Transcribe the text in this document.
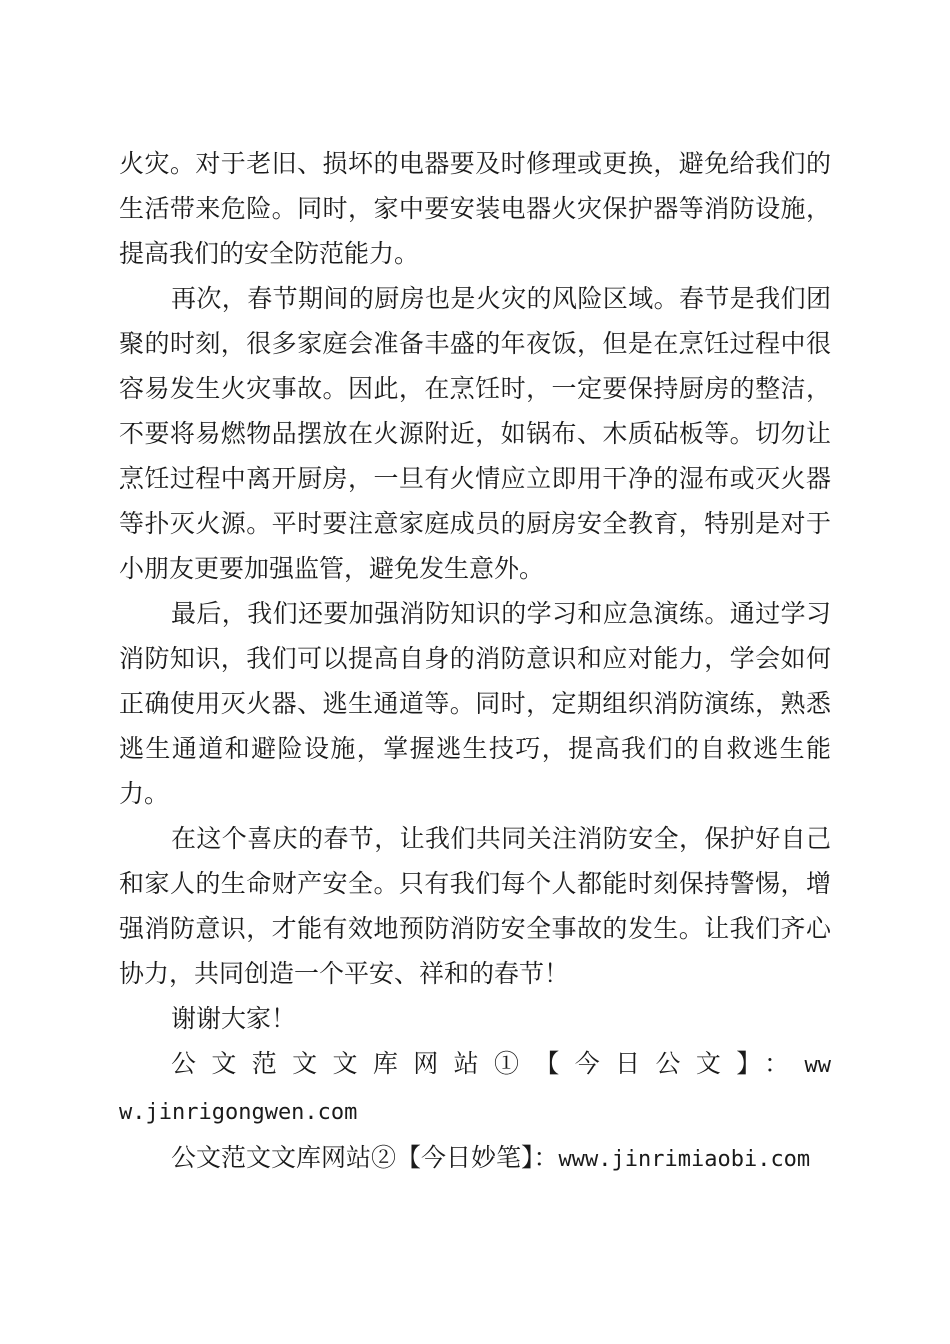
火灾。对于老旧、损坏的电器要及时修理或更换，避免给我们的生活带来危险。同时，家中要安装电器火灾保护器等消防设施，提高我们的安全防范能力。

再次，春节期间的厨房也是火灾的风险区域。春节是我们团聚的时刻，很多家庭会准备丰盛的年夜饭，但是在烹饪过程中很容易发生火灾事故。因此，在烹饪时，一定要保持厨房的整洁，不要将易燃物品摆放在火源附近，如锅布、木质砧板等。切勿让烹饪过程中离开厨房，一旦有火情应立即用干净的湿布或灭火器等扑灭火源。平时要注意家庭成员的厨房安全教育，特别是对于小朋友更要加强监管，避免发生意外。

最后，我们还要加强消防知识的学习和应急演练。通过学习消防知识，我们可以提高自身的消防意识和应对能力，学会如何正确使用灭火器、逃生通道等。同时，定期组织消防演练，熟悉逃生通道和避险设施，掌握逃生技巧，提高我们的自救逃生能力。

在这个喜庆的春节，让我们共同关注消防安全，保护好自己和家人的生命财产安全。只有我们每个人都能时刻保持警惕，增强消防意识，才能有效地预防消防安全事故的发生。让我们齐心协力，共同创造一个平安、祥和的春节！

谢谢大家！

公文范文文库网站①【今日公文】：www.jinrigongwen.com

公文范文文库网站②【今日妙笔】：www.jinrimiaobi.com
